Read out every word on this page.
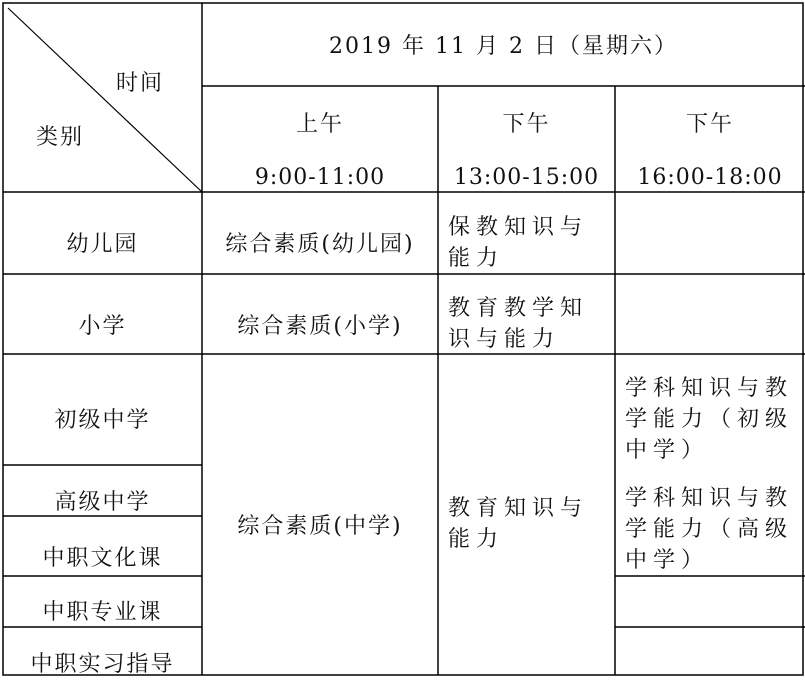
时间
类别
2019 年 11 月 2 日（星期六）
上午
9:00-11:00
下午
13:00-15:00
下午
16:00-18:00
幼儿园
小学
初级中学
高级中学
中职文化课
中职专业课
中职实习指导
综合素质(幼儿园)
综合素质(小学)
综合素质(中学)
保教知识与能力
教育教学知识与能力
教育知识与能力
学科知识与教学能力（初级中学）
学科知识与教学能力（高级中学）
